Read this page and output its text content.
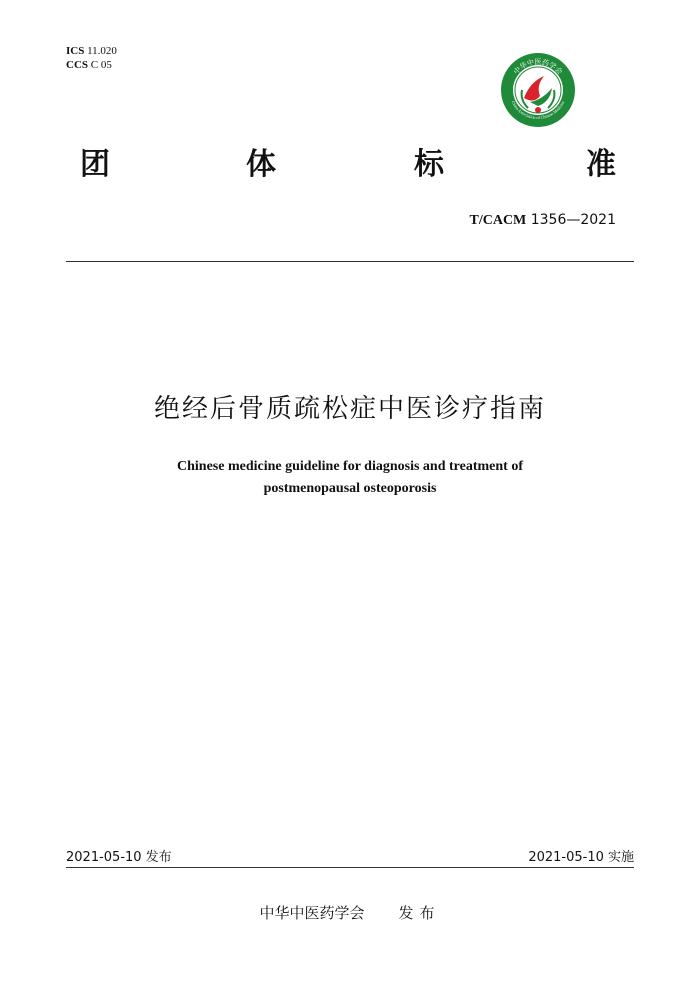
ICS 11.020
CCS C 05	中华中医药学会
China Association of Chinese Medicine
团	体	标	准
T/CACM 1356—2021
绝经后骨质疏松症中医诊疗指南
Chinese medicine guideline for diagnosis and treatment of
postmenopausal osteoporosis
2021-05-10 发布	2021-05-10 实施
中华中医药学会 发布
